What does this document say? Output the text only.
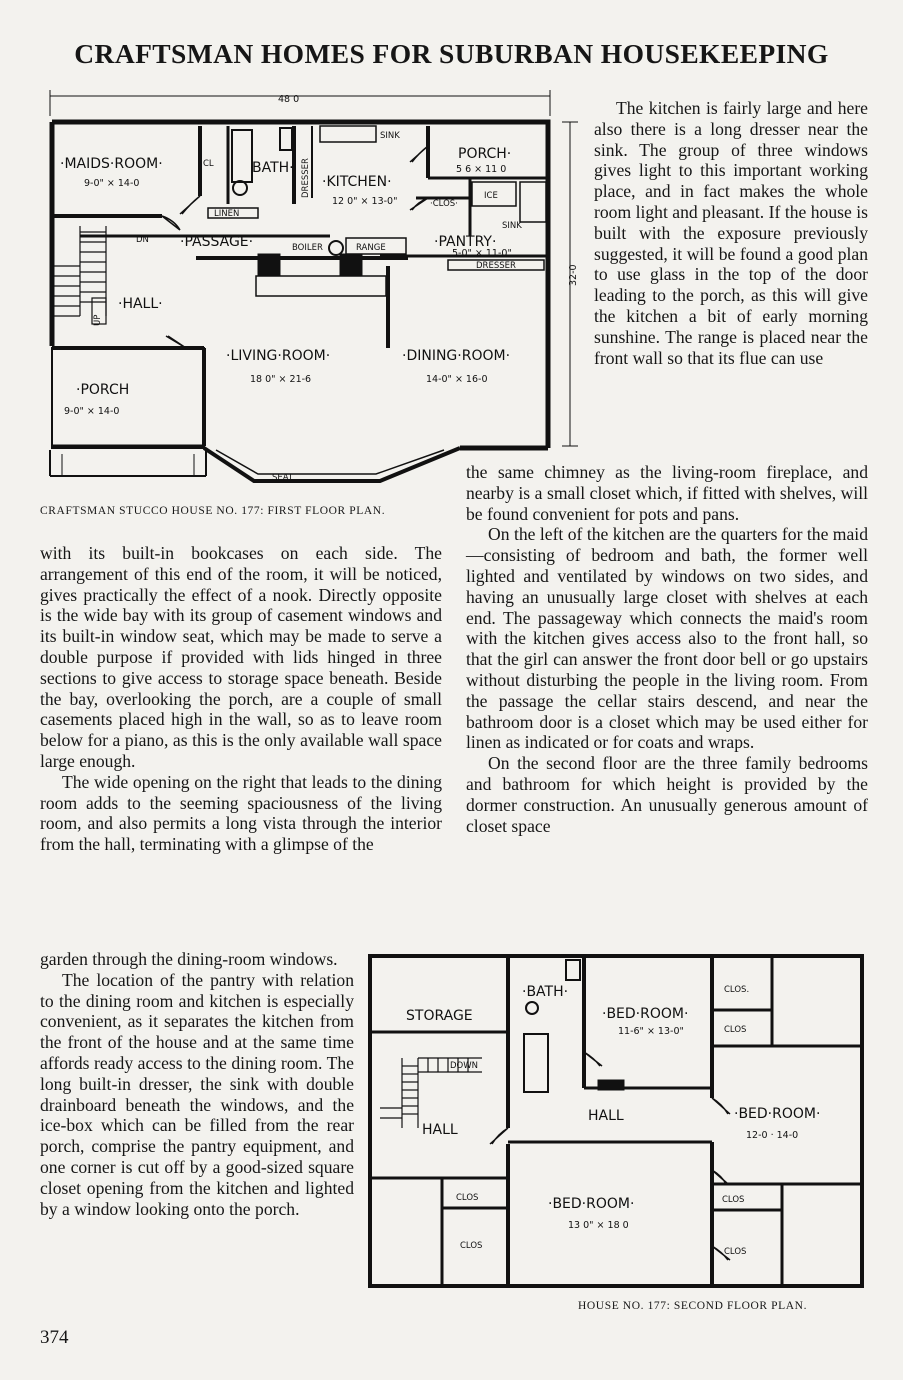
CRAFTSMAN HOMES FOR SUBURBAN HOUSEKEEPING
48 0
32-0
·MAIDS·ROOM·
9-0" × 14-0
CL	BATH· DRESSER ·KITCHEN·
12 0" × 13-0"
SINK
PORCH·
5 6 × 11 0
·CLOS·
ICE
SINK
·PANTRY·
5-0" × 11-0"
DRESSER
LINEN
·PASSAGE·	BOILER	RANGE
DN
UP
·HALL·
·LIVING·ROOM·
18 0" × 21-6
·DINING·ROOM·
14-0" × 16-0
·PORCH
9-0" × 14-0
SEAT
CRAFTSMAN STUCCO HOUSE NO. 177: FIRST FLOOR PLAN.

The kitchen is fairly large and here also there is a long dresser near the sink. The group of three windows gives light to this important working place, and in fact makes the whole room light and pleasant. If the house is built with the exposure previously suggested, it will be found a good plan to use glass in the top of the door leading to the porch, as this will give the kitchen a bit of early morning sunshine. The range is placed near the front wall so that its flue can use

the same chimney as the living-room fireplace, and nearby is a small closet which, if fitted with shelves, will be found convenient for pots and pans.

On the left of the kitchen are the quarters for the maid—consisting of bedroom and bath, the former well lighted and ventilated by windows on two sides, and having an unusually large closet with shelves at each end. The passageway which connects the maid's room with the kitchen gives access also to the front hall, so that the girl can answer the front door bell or go upstairs without disturbing the people in the living room. From the passage the cellar stairs descend, and near the bathroom door is a closet which may be used either for linen as indicated or for coats and wraps.

On the second floor are the three family bedrooms and bathroom for which height is provided by the dormer construction. An unusually generous amount of closet space

with its built-in bookcases on each side. The arrangement of this end of the room, it will be noticed, gives practically the effect of a nook. Directly opposite is the wide bay with its group of casement windows and its built-in window seat, which may be made to serve a double purpose if provided with lids hinged in three sections to give access to storage space beneath. Beside the bay, overlooking the porch, are a couple of small casements placed high in the wall, so as to leave room below for a piano, as this is the only available wall space large enough.

The wide opening on the right that leads to the dining room adds to the seeming spaciousness of the living room, and also permits a long vista through the interior from the hall, terminating with a glimpse of the

garden through the dining-room windows.

The location of the pantry with relation to the dining room and kitchen is especially convenient, as it separates the kitchen from the front of the house and at the same time affords ready access to the dining room. The long built-in dresser, the sink with double drainboard beneath the windows, and the ice-box which can be filled from the rear porch, comprise the pantry equipment, and one corner is cut off by a good-sized square closet opening from the kitchen and lighted by a window looking onto the porch.

STORAGE
·BATH·
·BED·ROOM·
11-6" × 13-0"
CLOS.
CLOS
DOWN
HALL
HALL	·BED·ROOM·
12-0 · 14-0
CLOS
CLOS
CLOS
CLOS
·BED·ROOM·
13 0" × 18 0
HOUSE NO. 177: SECOND FLOOR PLAN.
374
